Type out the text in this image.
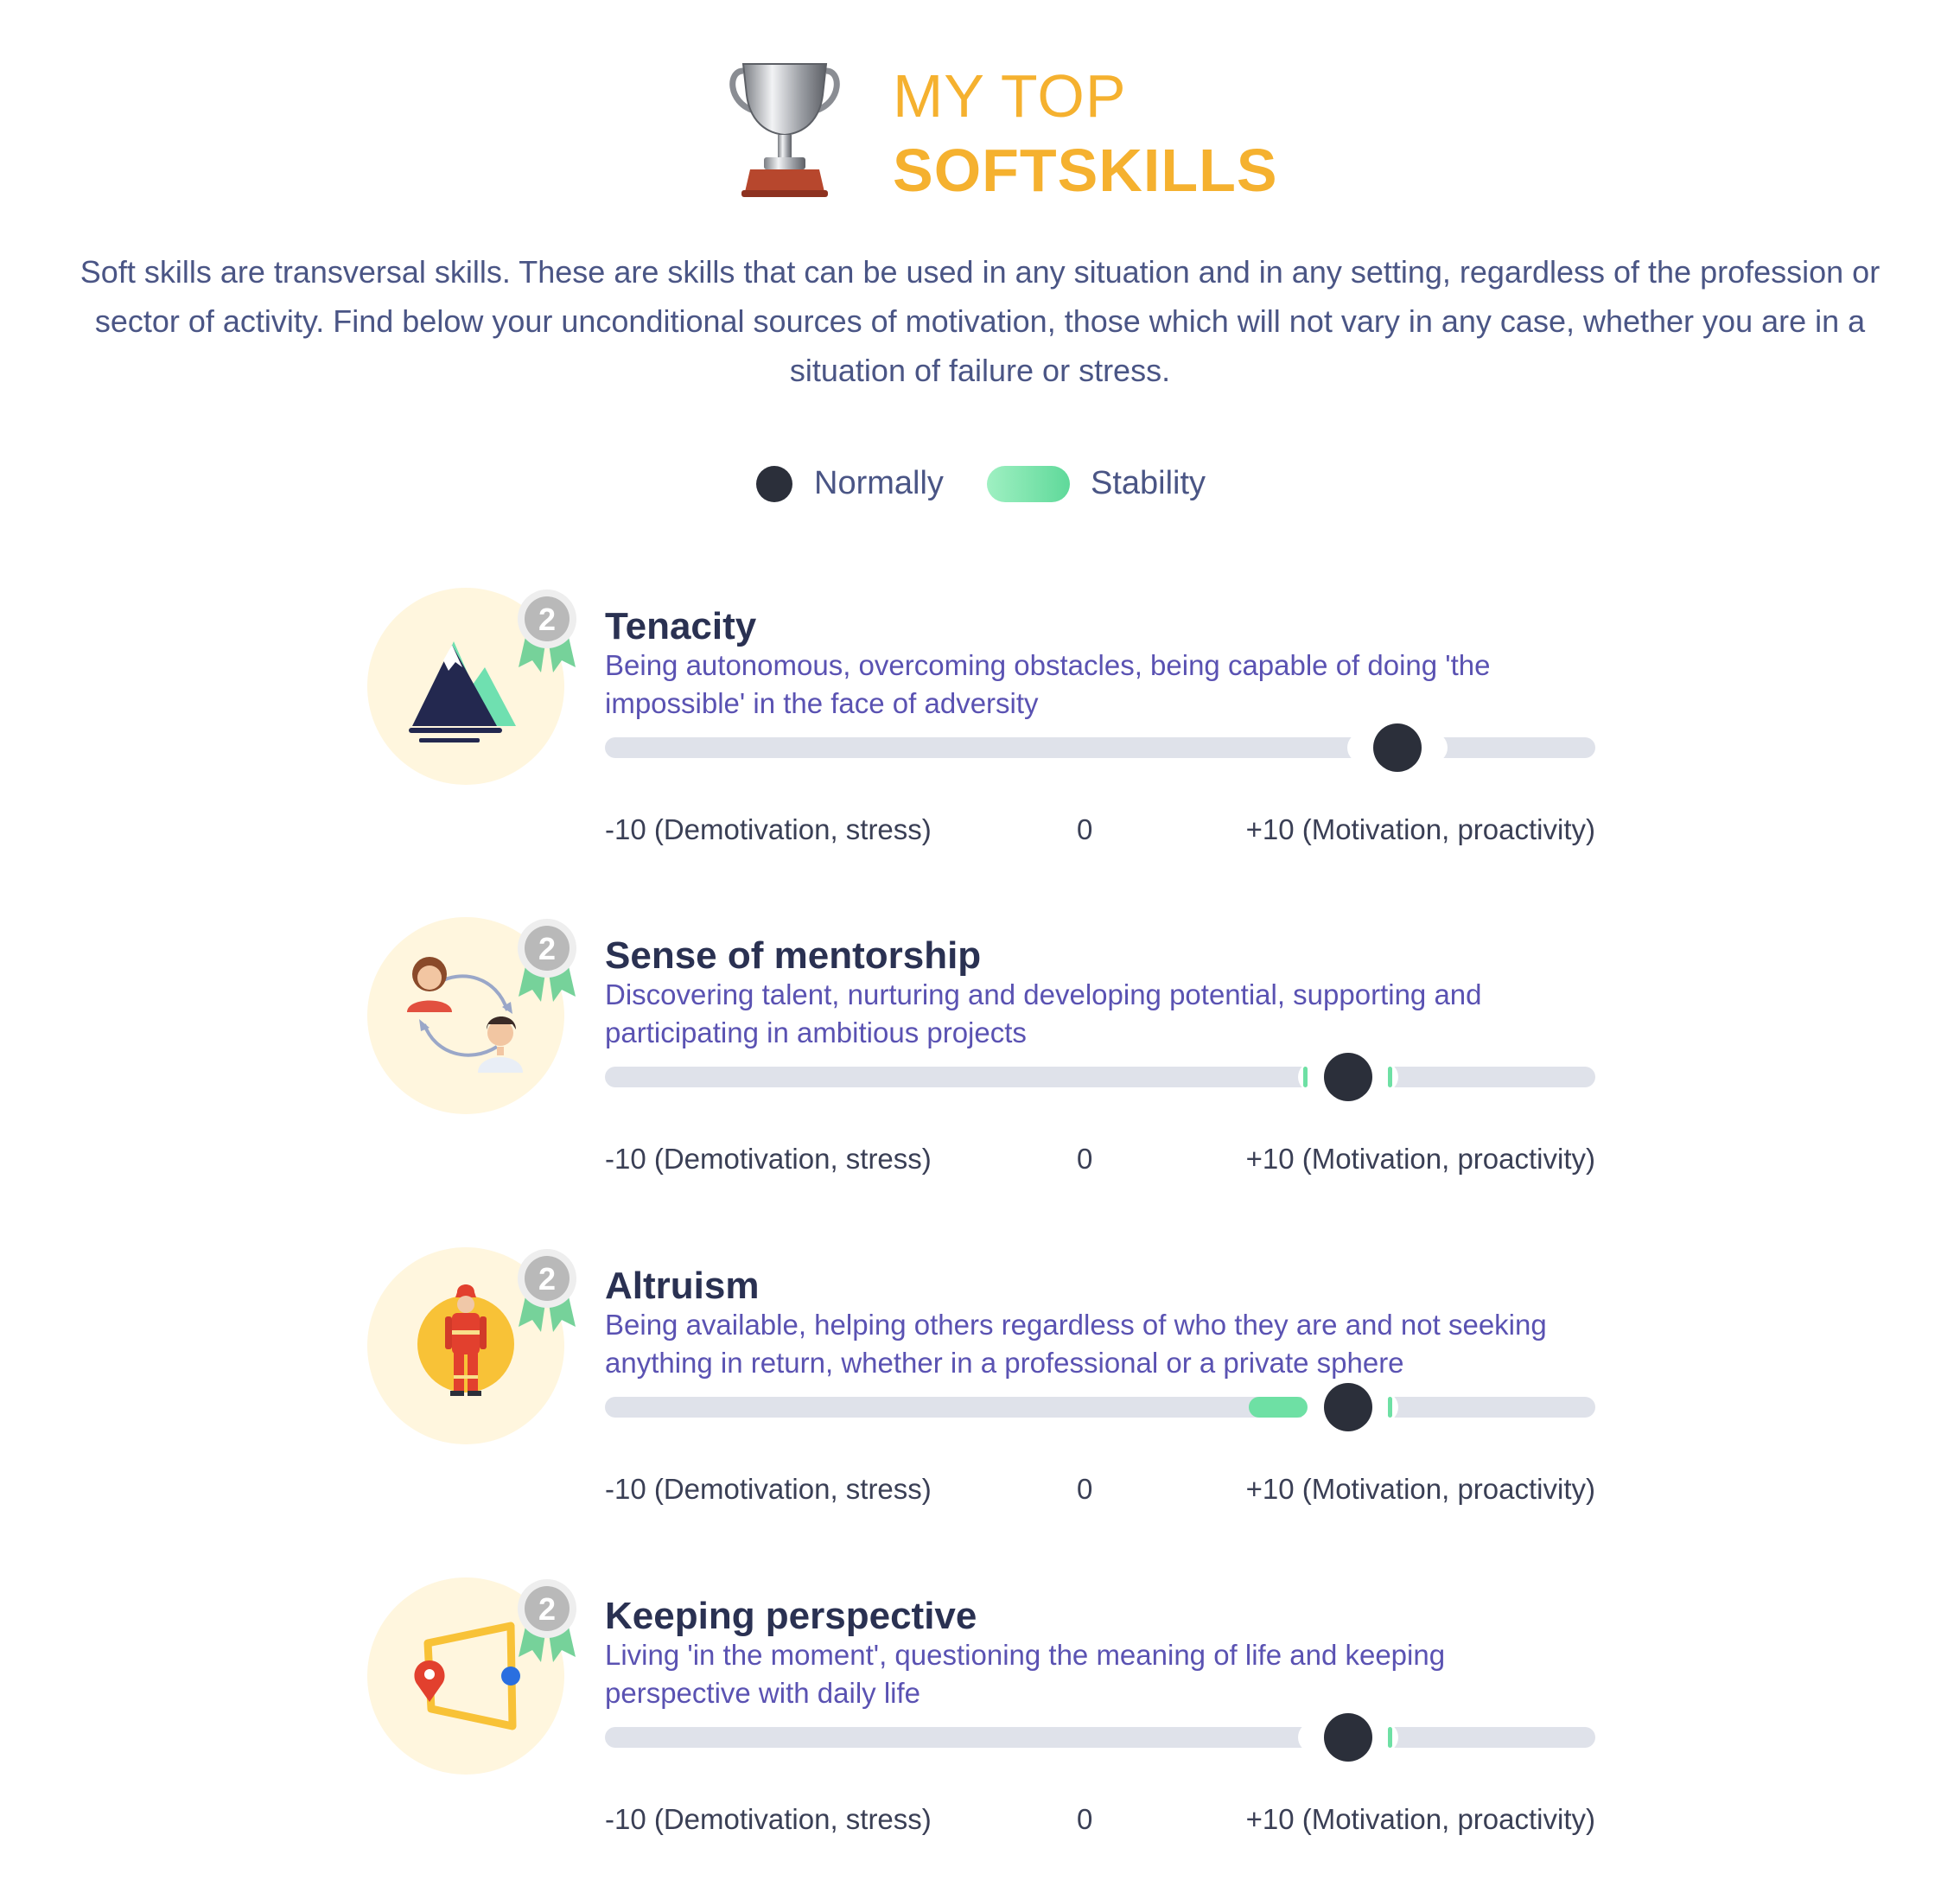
MY TOP
SOFTSKILLS
Soft skills are transversal skills. These are skills that can be used in any situation and in any setting, regardless of the profession or sector of activity. Find below your unconditional sources of motivation, those which will not vary in any case, whether you are in a situation of failure or stress.
Normally	Stability
2 Tenacity
Being autonomous, overcoming obstacles, being capable of doing 'the impossible' in the face of adversity
-10 (Demotivation, stress)	0	+10 (Motivation, proactivity)
2 Sense of mentorship
Discovering talent, nurturing and developing potential, supporting and participating in ambitious projects
-10 (Demotivation, stress)	0	+10 (Motivation, proactivity)
2 Altruism
Being available, helping others regardless of who they are and not seeking anything in return, whether in a professional or a private sphere
-10 (Demotivation, stress)	0	+10 (Motivation, proactivity)
2 Keeping perspective
Living 'in the moment', questioning the meaning of life and keeping perspective with daily life
-10 (Demotivation, stress)	0	+10 (Motivation, proactivity)
